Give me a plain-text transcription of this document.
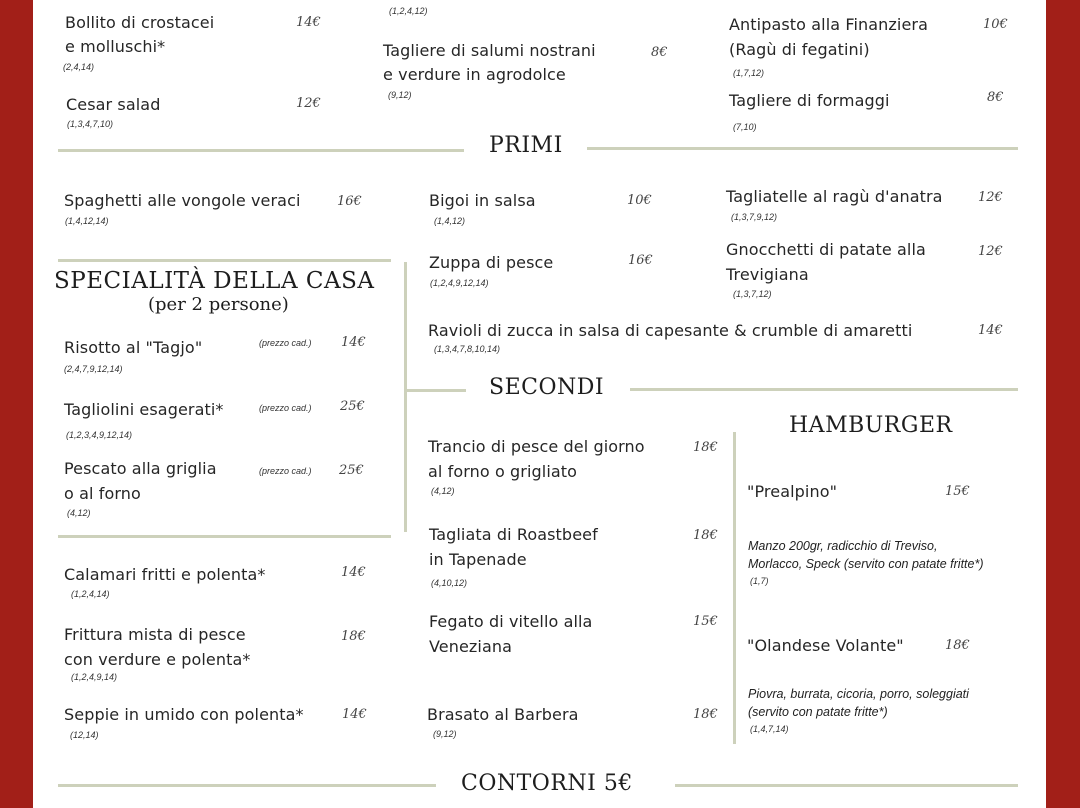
Bollito di crostacei
e molluschi*
14€
(2,4,14)
Cesar salad	12€
(1,3,4,7,10)
(1,2,4,12)
Tagliere di salumi nostrani
e verdure in agrodolce
8€
(9,12)
Antipasto alla Finanziera
(Ragù di fegatini)
10€
(1,7,12)
Tagliere di formaggi	8€
(7,10)
PRIMI
Spaghetti alle vongole veraci	16€
(1,4,12,14)
Bigoi in salsa	10€
(1,4,12)
Tagliatelle al ragù d'anatra	12€
(1,3,7,9,12)
Zuppa di pesce	16€
(1,2,4,9,12,14)
Gnocchetti di patate alla
Trevigiana
12€
(1,3,7,12)
Ravioli di zucca in salsa di capesante & crumble di amaretti	14€
(1,3,4,7,8,10,14)
SPECIALITÀ DELLA CASA
(per 2 persone)
Risotto al "Tagjo"	(prezzo cad.) 14€
(2,4,7,9,12,14)
Tagliolini esagerati*	(prezzo cad.) 25€
(1,2,3,4,9,12,14)
Pescato alla griglia
o al forno
(prezzo cad.) 25€
(4,12)
Calamari fritti e polenta*	14€
(1,2,4,14)
Frittura mista di pesce
con verdure e polenta*
18€
(1,2,4,9,14)
Seppie in umido con polenta*	14€
(12,14)
SECONDI
Trancio di pesce del giorno
al forno o grigliato
18€
(4,12)
Tagliata di Roastbeef
in Tapenade
18€
(4,10,12)
Fegato di vitello alla
Veneziana
15€
Brasato al Barbera	18€
(9,12)
HAMBURGER
"Prealpino"	15€
Manzo 200gr, radicchio di Treviso,
Morlacco, Speck (servito con patate fritte*)
(1,7)
"Olandese Volante"	18€
Piovra, burrata, cicoria, porro, soleggiati
(servito con patate fritte*)
(1,4,7,14)
CONTORNI 5€
